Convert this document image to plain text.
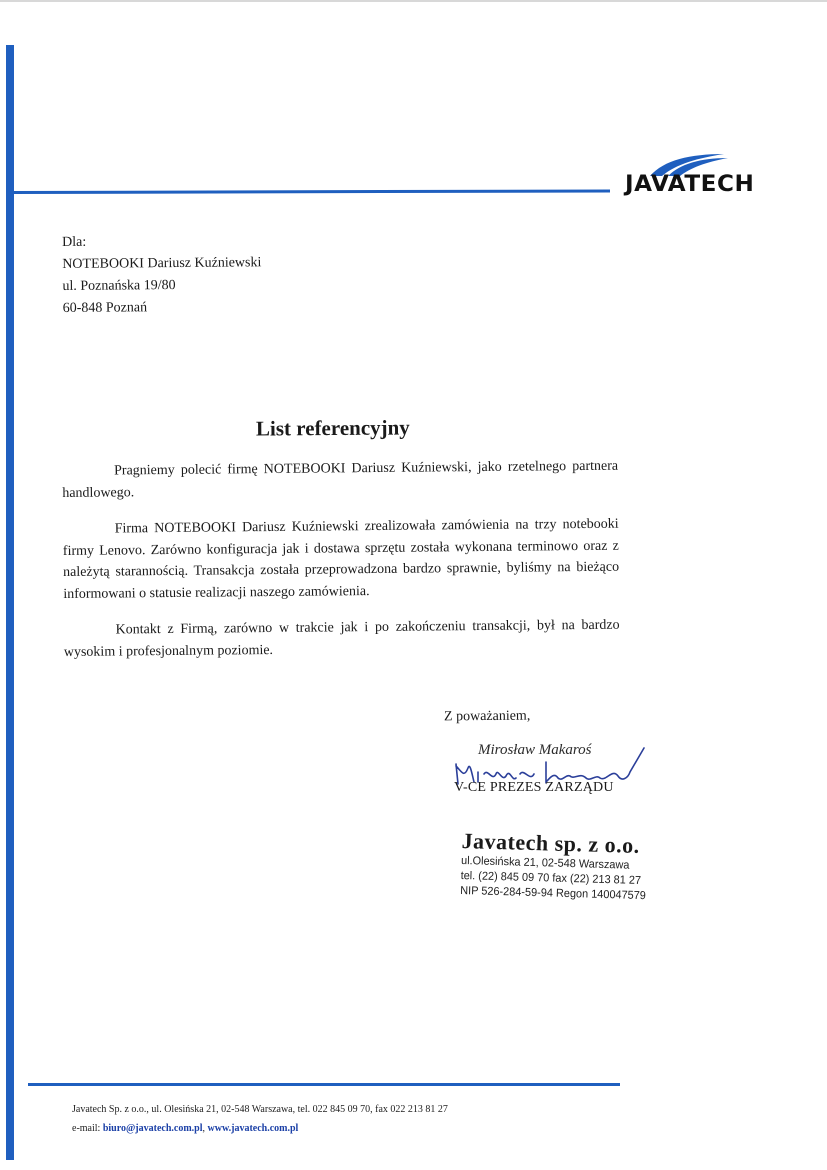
JAVATECH
Dla:
NOTEBOOKI Dariusz Kuźniewski
ul. Poznańska 19/80
60-848 Poznań
List referencyjny

Pragniemy polecić firmę NOTEBOOKI Dariusz Kuźniewski, jako rzetelnego partnera handlowego.

Firma NOTEBOOKI Dariusz Kuźniewski zrealizowała zamówienia na trzy notebooki firmy Lenovo. Zarówno konfiguracja jak i dostawa sprzętu została wykonana terminowo oraz z należytą starannością. Transakcja została przeprowadzona bardzo sprawnie, byliśmy na bieżąco informowani o statusie realizacji naszego zamówienia.

Kontakt z Firmą, zarówno w trakcie jak i po zakończeniu transakcji, był na bardzo wysokim i profesjonalnym poziomie.

Z poważaniem,
Mirosław Makaroś
V-CE PREZES ZARZĄDU
Javatech sp. z o.o.
ul.Olesińska 21, 02-548 Warszawa
tel. (22) 845 09 70 fax (22) 213 81 27
NIP 526-284-59-94 Regon 140047579
Javatech Sp. z o.o., ul. Olesińska 21, 02-548 Warszawa, tel. 022 845 09 70, fax 022 213 81 27
e-mail: biuro@javatech.com.pl, www.javatech.com.pl
